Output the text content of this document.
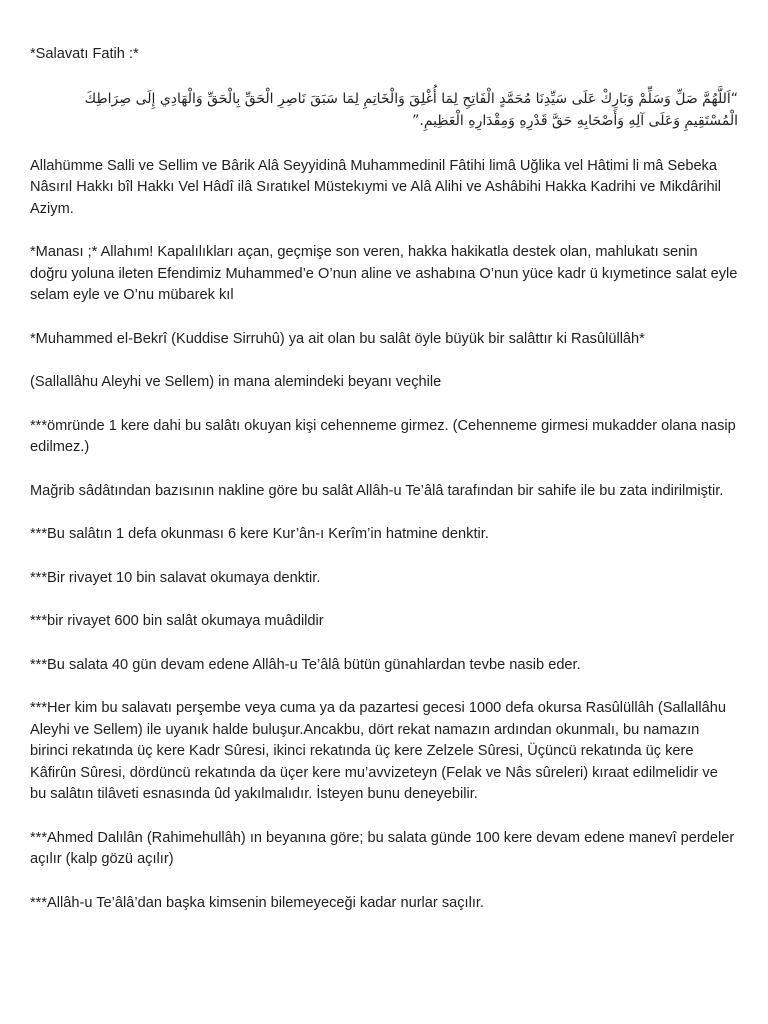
*Salavatı Fatih :*

“اَللَّهُمَّ صَلِّ وَسَلِّمْ وَبَارِكْ عَلَى سَيِّدِنَا مُحَمَّدٍ الْفَاتِحِ لِمَا أُغْلِقَ وَالْخَاتِمِ لِمَا سَبَقَ نَاصِرِ الْحَقِّ بِالْحَقِّ وَالْهَادِي إِلَى صِرَاطِكَ الْمُسْتَقِيمِ وَعَلَى آلِهِ وَأَصْحَابِهِ حَقَّ قَدْرِهِ وَمِقْدَارِهِ الْعَظِيمِ.”

Allahümme Salli ve Sellim ve Bârik Alâ Seyyidinâ Muhammedinil Fâtihi limâ Uğlika vel Hâtimi li mâ Sebeka Nâsırıl Hakkı bîl Hakkı Vel Hâdî ilâ Sıratıkel Müstekıymi ve Alâ Alihi ve Ashâbihi Hakka Kadrihi ve Mikdârihil Aziym.

*Manası ;* Allahım! Kapalılıkları açan, geçmişe son veren, hakka hakikatla destek olan, mahlukatı senin doğru yoluna ileten Efendimiz Muhammed’e O’nun aline ve ashabına O’nun yüce kadr ü kıymetince salat eyle selam eyle ve O’nu mübarek kıl

*Muhammed el-Bekrî (Kuddise Sirruhû) ya ait olan bu salât öyle büyük bir salâttır ki Rasûlüllâh*

(Sallallâhu Aleyhi ve Sellem) in mana alemindeki beyanı veçhile

***ömründe 1 kere dahi bu salâtı okuyan kişi cehenneme girmez. (Cehenneme girmesi mukadder olana nasip edilmez.)

Mağrib sâdâtından bazısının nakline göre bu salât Allâh-u Te’âlâ tarafından bir sahife ile bu zata indirilmiştir.

***Bu salâtın 1 defa okunması 6 kere Kur’ân-ı Kerîm’in hatmine denktir.

***Bir rivayet 10 bin salavat okumaya denktir.

***bir rivayet 600 bin salât okumaya muâdildir

***Bu salata 40 gün devam edene Allâh-u Te’âlâ bütün günahlardan tevbe nasib eder.

***Her kim bu salavatı perşembe veya cuma ya da pazartesi gecesi 1000 defa okursa Rasûlüllâh (Sallallâhu Aleyhi ve Sellem) ile uyanık halde buluşur.Ancakbu, dört rekat namazın ardından okunmalı, bu namazın birinci rekatında üç kere Kadr Sûresi, ikinci rekatında üç kere Zelzele Sûresi, Üçüncü rekatında üç kere Kâfirûn Sûresi, dördüncü rekatında da üçer kere mu’avvizeteyn (Felak ve Nâs sûreleri) kıraat edilmelidir ve bu salâtın tilâveti esnasında ûd yakılmalıdır. İsteyen bunu deneyebilir.

***Ahmed Dalılân (Rahimehullâh) ın beyanına göre; bu salata günde 100 kere devam edene manevî perdeler açılır (kalp gözü açılır)

***Allâh-u Te’âlâ’dan başka kimsenin bilemeyeceği kadar nurlar saçılır.
